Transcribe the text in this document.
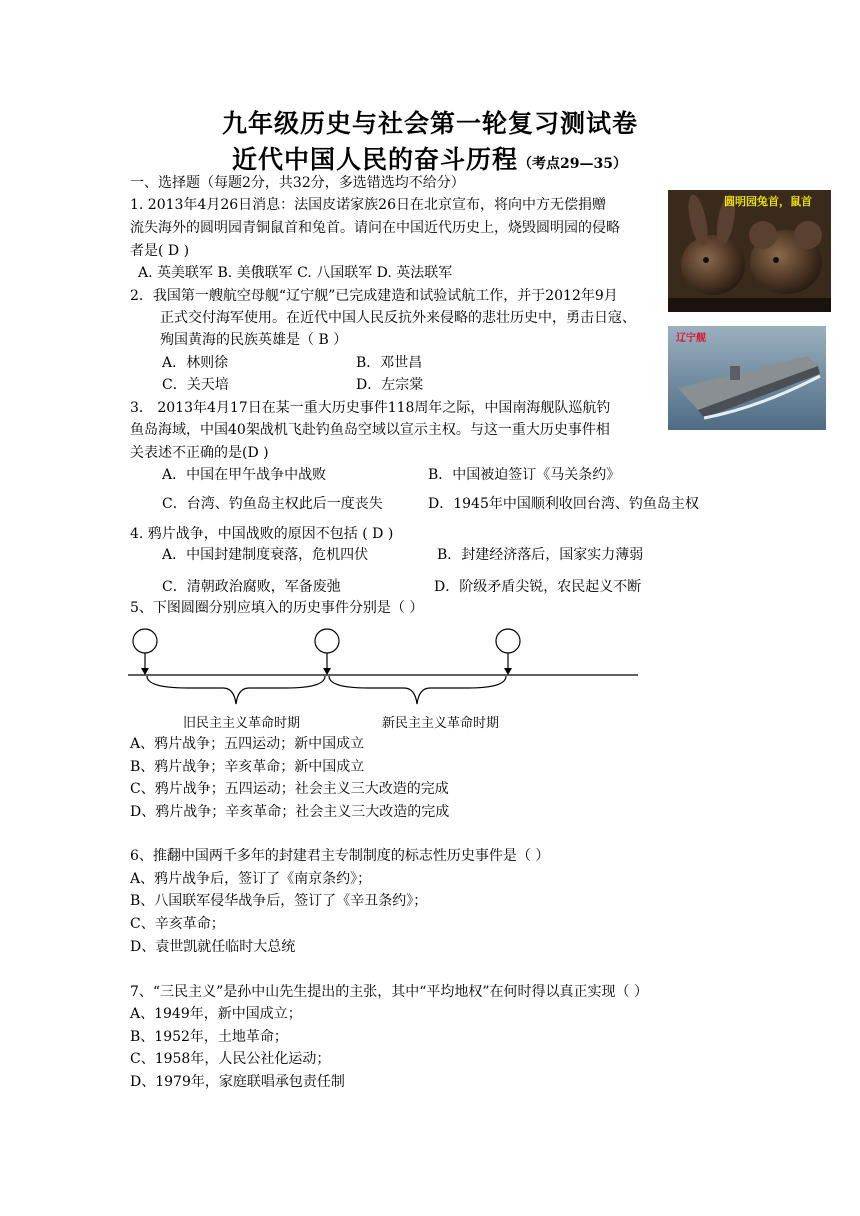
九年级历史与社会第一轮复习测试卷
近代中国人民的奋斗历程（考点29—35）
一、选择题（每题2分，共32分，多选错选均不给分）
1. 2013年4月26日消息：法国皮诺家族26日在北京宣布，将向中方无偿捐赠
流失海外的圆明园青铜鼠首和兔首。请问在中国近代历史上，烧毁圆明园的侵略
者是( D )
A. 英美联军 B. 美俄联军 C. 八国联军 D. 英法联军
圆明园兔首，鼠首
2．我国第一艘航空母舰“辽宁舰”已完成建造和试验试航工作，并于2012年9月
正式交付海军使用。在近代中国人民反抗外来侵略的悲壮历史中，勇击日寇、
殉国黄海的民族英雄是（ B ）
A．林则徐	B．邓世昌
C．关天培	D．左宗棠
辽宁舰
3． 2013年4月17日在某一重大历史事件118周年之际，中国南海舰队巡航钓
鱼岛海域，中国40架战机飞赴钓鱼岛空域以宣示主权。与这一重大历史事件相
关表述不正确的是(D )
A．中国在甲午战争中战败	B．中国被迫签订《马关条约》
C．台湾、钓鱼岛主权此后一度丧失	D．1945年中国顺利收回台湾、钓鱼岛主权
4. 鸦片战争，中国战败的原因不包括 ( D )
A．中国封建制度衰落，危机四伏	B．封建经济落后，国家实力薄弱
C．清朝政治腐败，军备废弛	D．阶级矛盾尖锐，农民起义不断
5、下图圆圈分别应填入的历史事件分别是（ ）
旧民主主义革命时期	新民主主义革命时期
A、鸦片战争；五四运动；新中国成立
B、鸦片战争；辛亥革命；新中国成立
C、鸦片战争；五四运动；社会主义三大改造的完成
D、鸦片战争；辛亥革命；社会主义三大改造的完成
6、推翻中国两千多年的封建君主专制制度的标志性历史事件是（ ）
A、鸦片战争后，签订了《南京条约》；
B、八国联军侵华战争后，签订了《辛丑条约》；
C、辛亥革命；
D、袁世凯就任临时大总统
7、“三民主义”是孙中山先生提出的主张，其中“平均地权”在何时得以真正实现（ ）
A、1949年，新中国成立；
B、1952年，土地革命；
C、1958年，人民公社化运动；
D、1979年，家庭联唱承包责任制
